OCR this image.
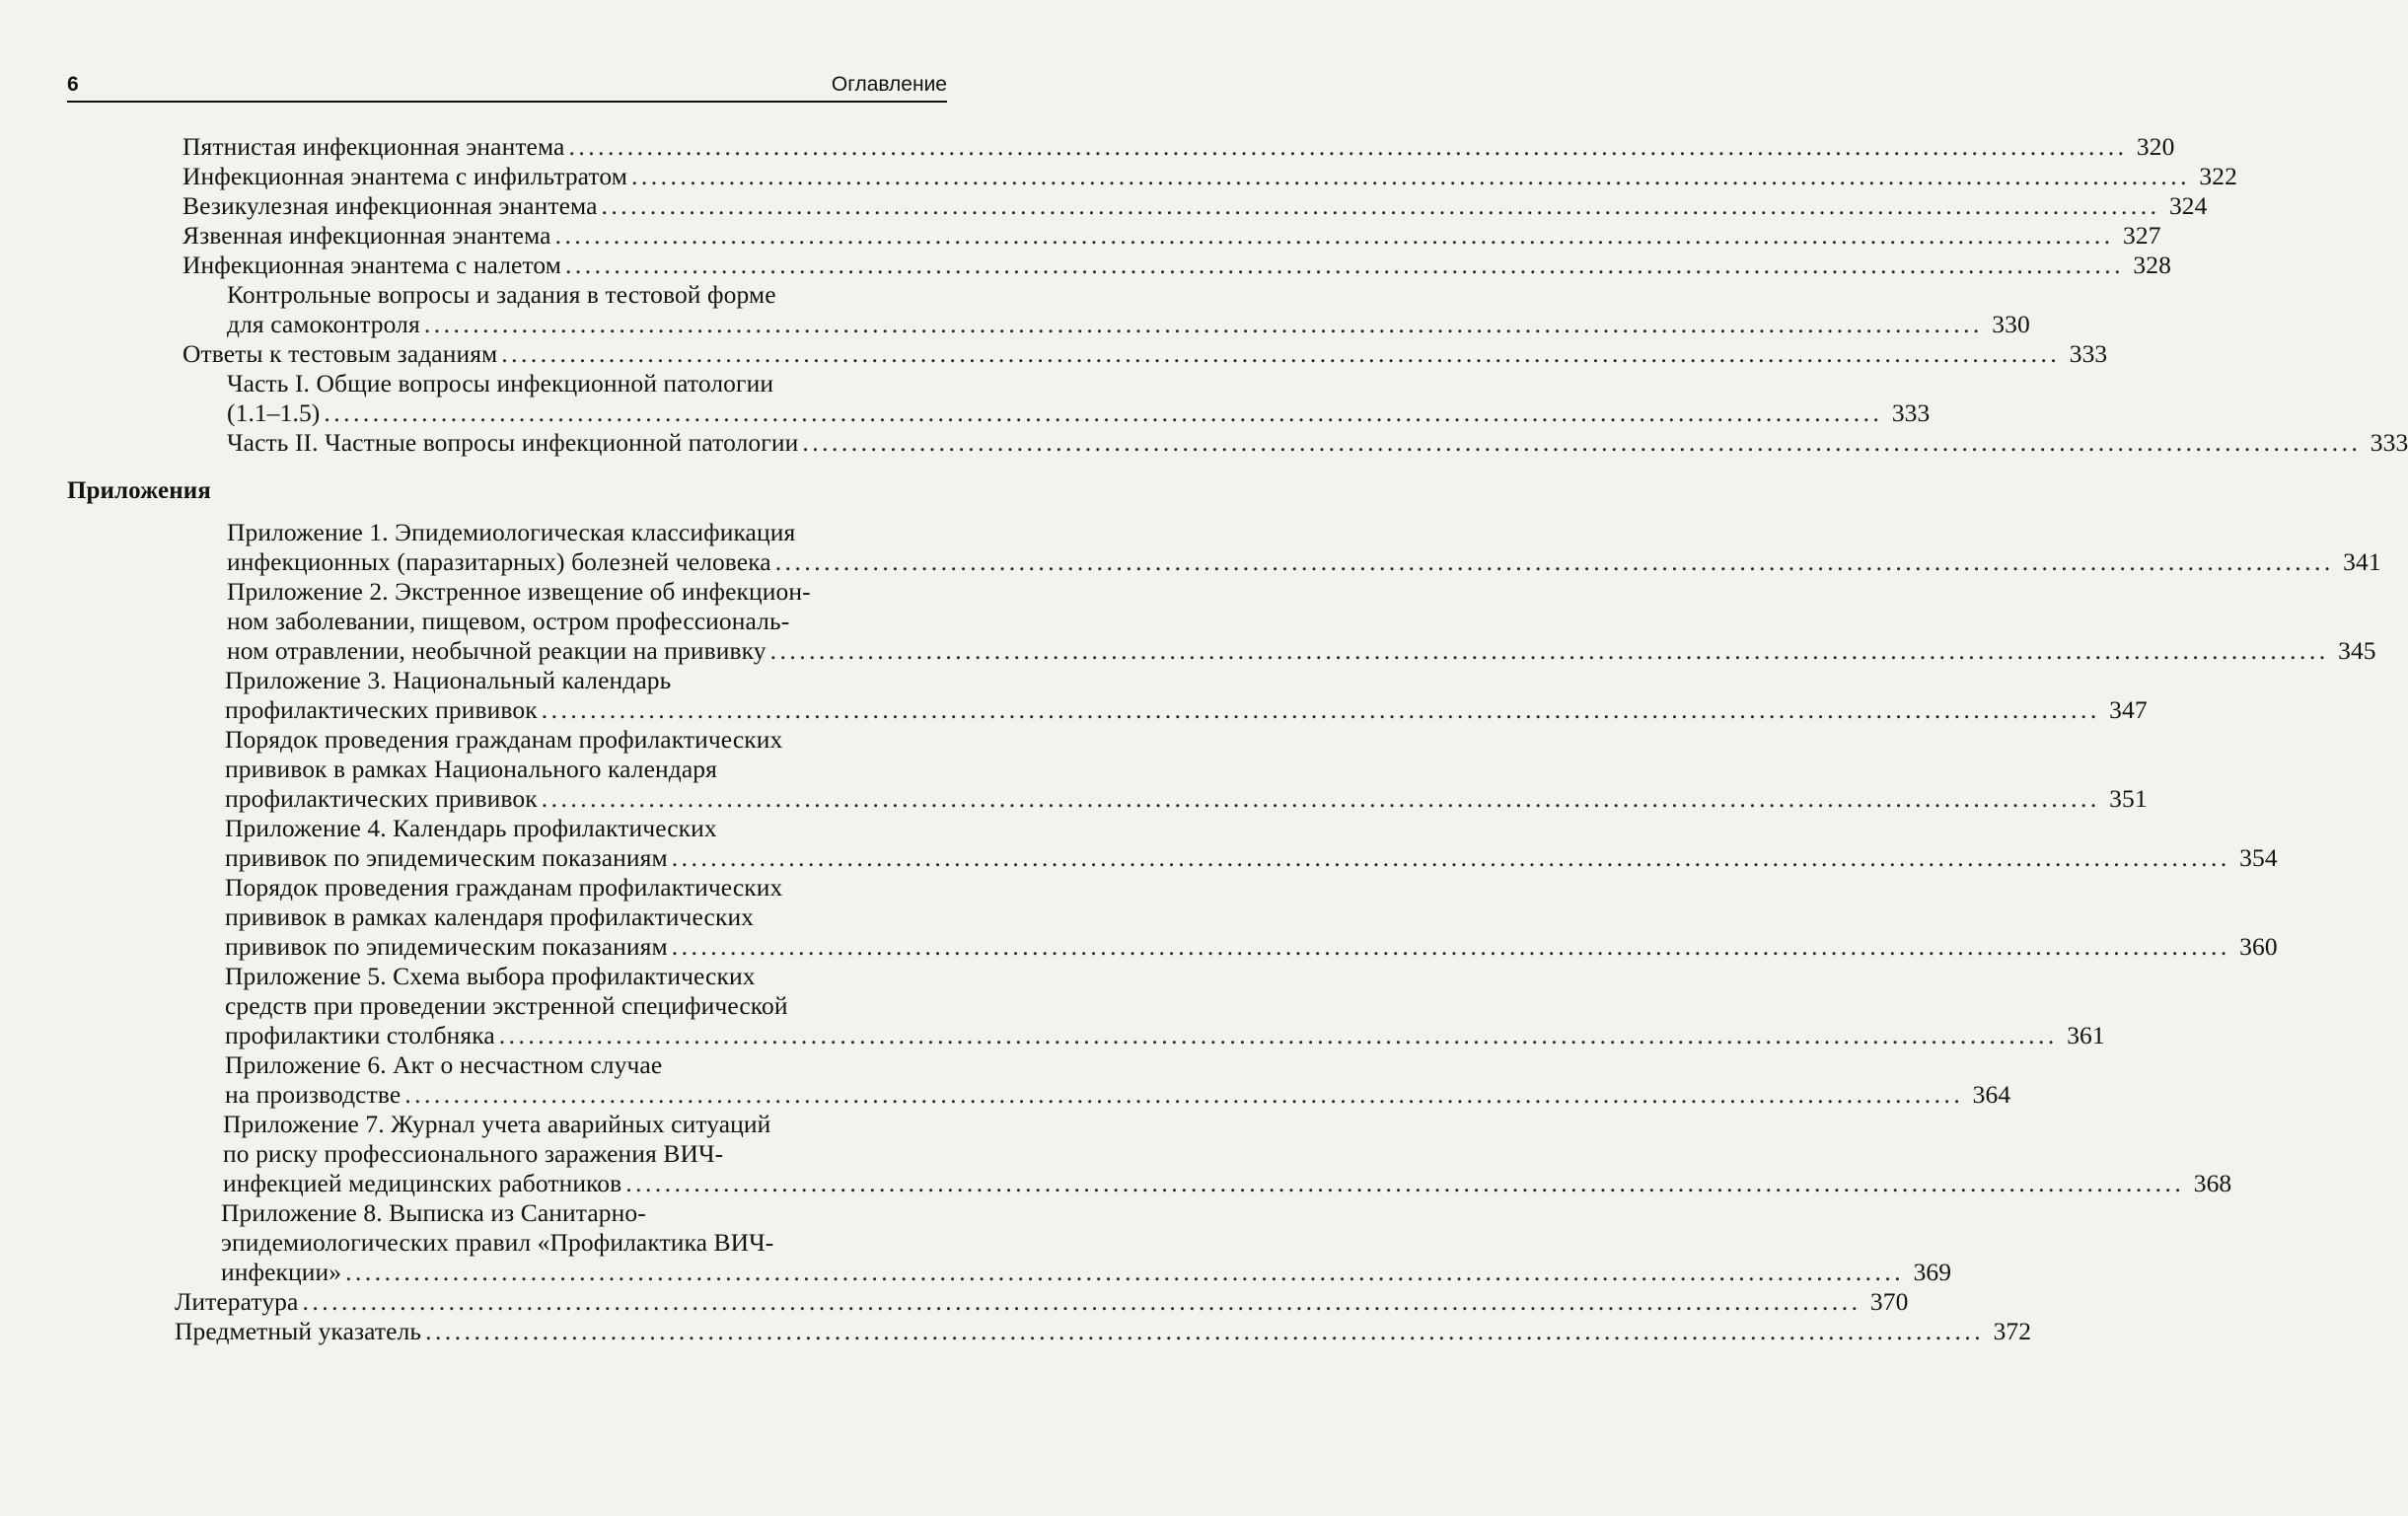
6	Оглавление
Приложения
Пятнистая инфекционная энантема ................................................................................................................................................................ 320
Инфекционная энантема с инфильтратом ................................................................................................................................................................ 322
Везикулезная инфекционная энантема ................................................................................................................................................................ 324
Язвенная инфекционная энантема ................................................................................................................................................................ 327
Инфекционная энантема с налетом ................................................................................................................................................................ 328
Контрольные вопросы и задания в тестовой форме
для самоконтроля ................................................................................................................................................................ 330
Ответы к тестовым заданиям ................................................................................................................................................................ 333
Часть I. Общие вопросы инфекционной патологии
(1.1–1.5) ................................................................................................................................................................ 333
Часть II. Частные вопросы инфекционной патологии ................................................................................................................................................................ 333
Приложение 1. Эпидемиологическая классификация
инфекционных (паразитарных) болезней человека ................................................................................................................................................................ 341
Приложение 2. Экстренное извещение об инфекцион-
ном заболевании, пищевом, остром профессиональ-
ном отравлении, необычной реакции на прививку ................................................................................................................................................................ 345
Приложение 3. Национальный календарь
профилактических прививок ................................................................................................................................................................ 347
Порядок проведения гражданам профилактических
прививок в рамках Национального календаря
профилактических прививок ................................................................................................................................................................ 351
Приложение 4. Календарь профилактических
прививок по эпидемическим показаниям ................................................................................................................................................................ 354
Порядок проведения гражданам профилактических
прививок в рамках календаря профилактических
прививок по эпидемическим показаниям ................................................................................................................................................................ 360
Приложение 5. Схема выбора профилактических
средств при проведении экстренной специфической
профилактики столбняка ................................................................................................................................................................ 361
Приложение 6. Акт о несчастном случае
на производстве ................................................................................................................................................................ 364
Приложение 7. Журнал учета аварийных ситуаций
по риску профессионального заражения ВИЧ-
инфекцией медицинских работников ................................................................................................................................................................ 368
Приложение 8. Выписка из Санитарно-
эпидемиологических правил «Профилактика ВИЧ-
инфекции» ................................................................................................................................................................ 369
Литература ................................................................................................................................................................ 370
Предметный указатель ................................................................................................................................................................ 372
